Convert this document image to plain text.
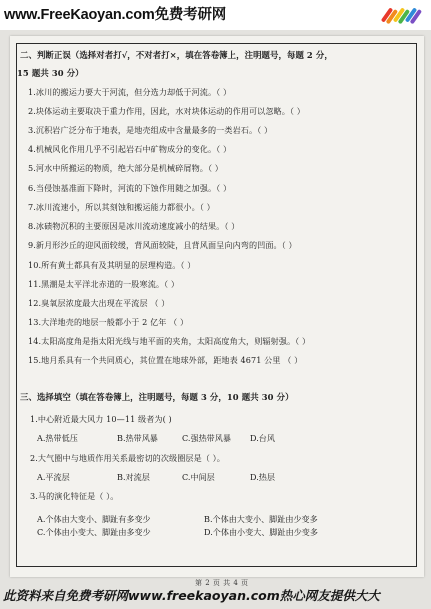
www.FreeKaoyan.com免费考研网
二、判断正误（选择对者打√，不对者打×，填在答卷簿上，注明题号，每题 2 分，
15 题共 30 分）
1.冰川的搬运力要大于河流，但分选力却低于河流。（ ）
2.块体运动主要取决于重力作用，因此，水对块体运动的作用可以忽略。（ ）
3.沉积岩广泛分布于地表，是地壳组成中含量最多的一类岩石。（ ）
4.机械风化作用几乎不引起岩石中矿物成分的变化。（ ）
5.河水中所搬运的物质，绝大部分是机械碎屑物。（ ）
6.当侵蚀基准面下降时，河流的下蚀作用随之加强。（ ）
7.冰川流速小，所以其刻蚀和搬运能力都很小。（ ）
8.冰碛物沉积的主要原因是冰川流动速度减小的结果。（ ）
9.新月形沙丘的迎风面较缓，背风面较陡，且背风面呈向内弯的凹面。（ ）
10.所有黄土都具有及其明显的层理构造。（ ）
11.黑潮是太平洋北赤道的一股寒流。（ ）
12.臭氧层浓度最大出现在平流层 （ ）
13.大洋地壳的地层一般都小于 2 亿年 （ ）
14.太阳高度角是指太阳光线与地平面的夹角，太阳高度角大，则辐射强。（ ）
15.地月系具有一个共同质心，其位置在地球外部，距地表 4671 公里 （ ）
三、选择填空（填在答卷簿上，注明题号，每题 3 分，10 题共 30 分）
1.中心附近最大风力 10—11 级者为( )
A.热带低压	B.热带风暴	C.强热带风暴 D.台风
2.大气圈中与地质作用关系最密切的次级圈层是（ ）。
A.平流层	B.对流层	C.中间层	D.热层
3.马的演化特征是（ ）。
A.个体由大变小、脚趾有多变少	B.个体由大变小、脚趾由少变多
C.个体由小变大、脚趾由多变少	D.个体由小变大、脚趾由少变多
第 2 页 共 4 页
此资料来自免费考研网www.freekaoyan.com热心网友提供大大
